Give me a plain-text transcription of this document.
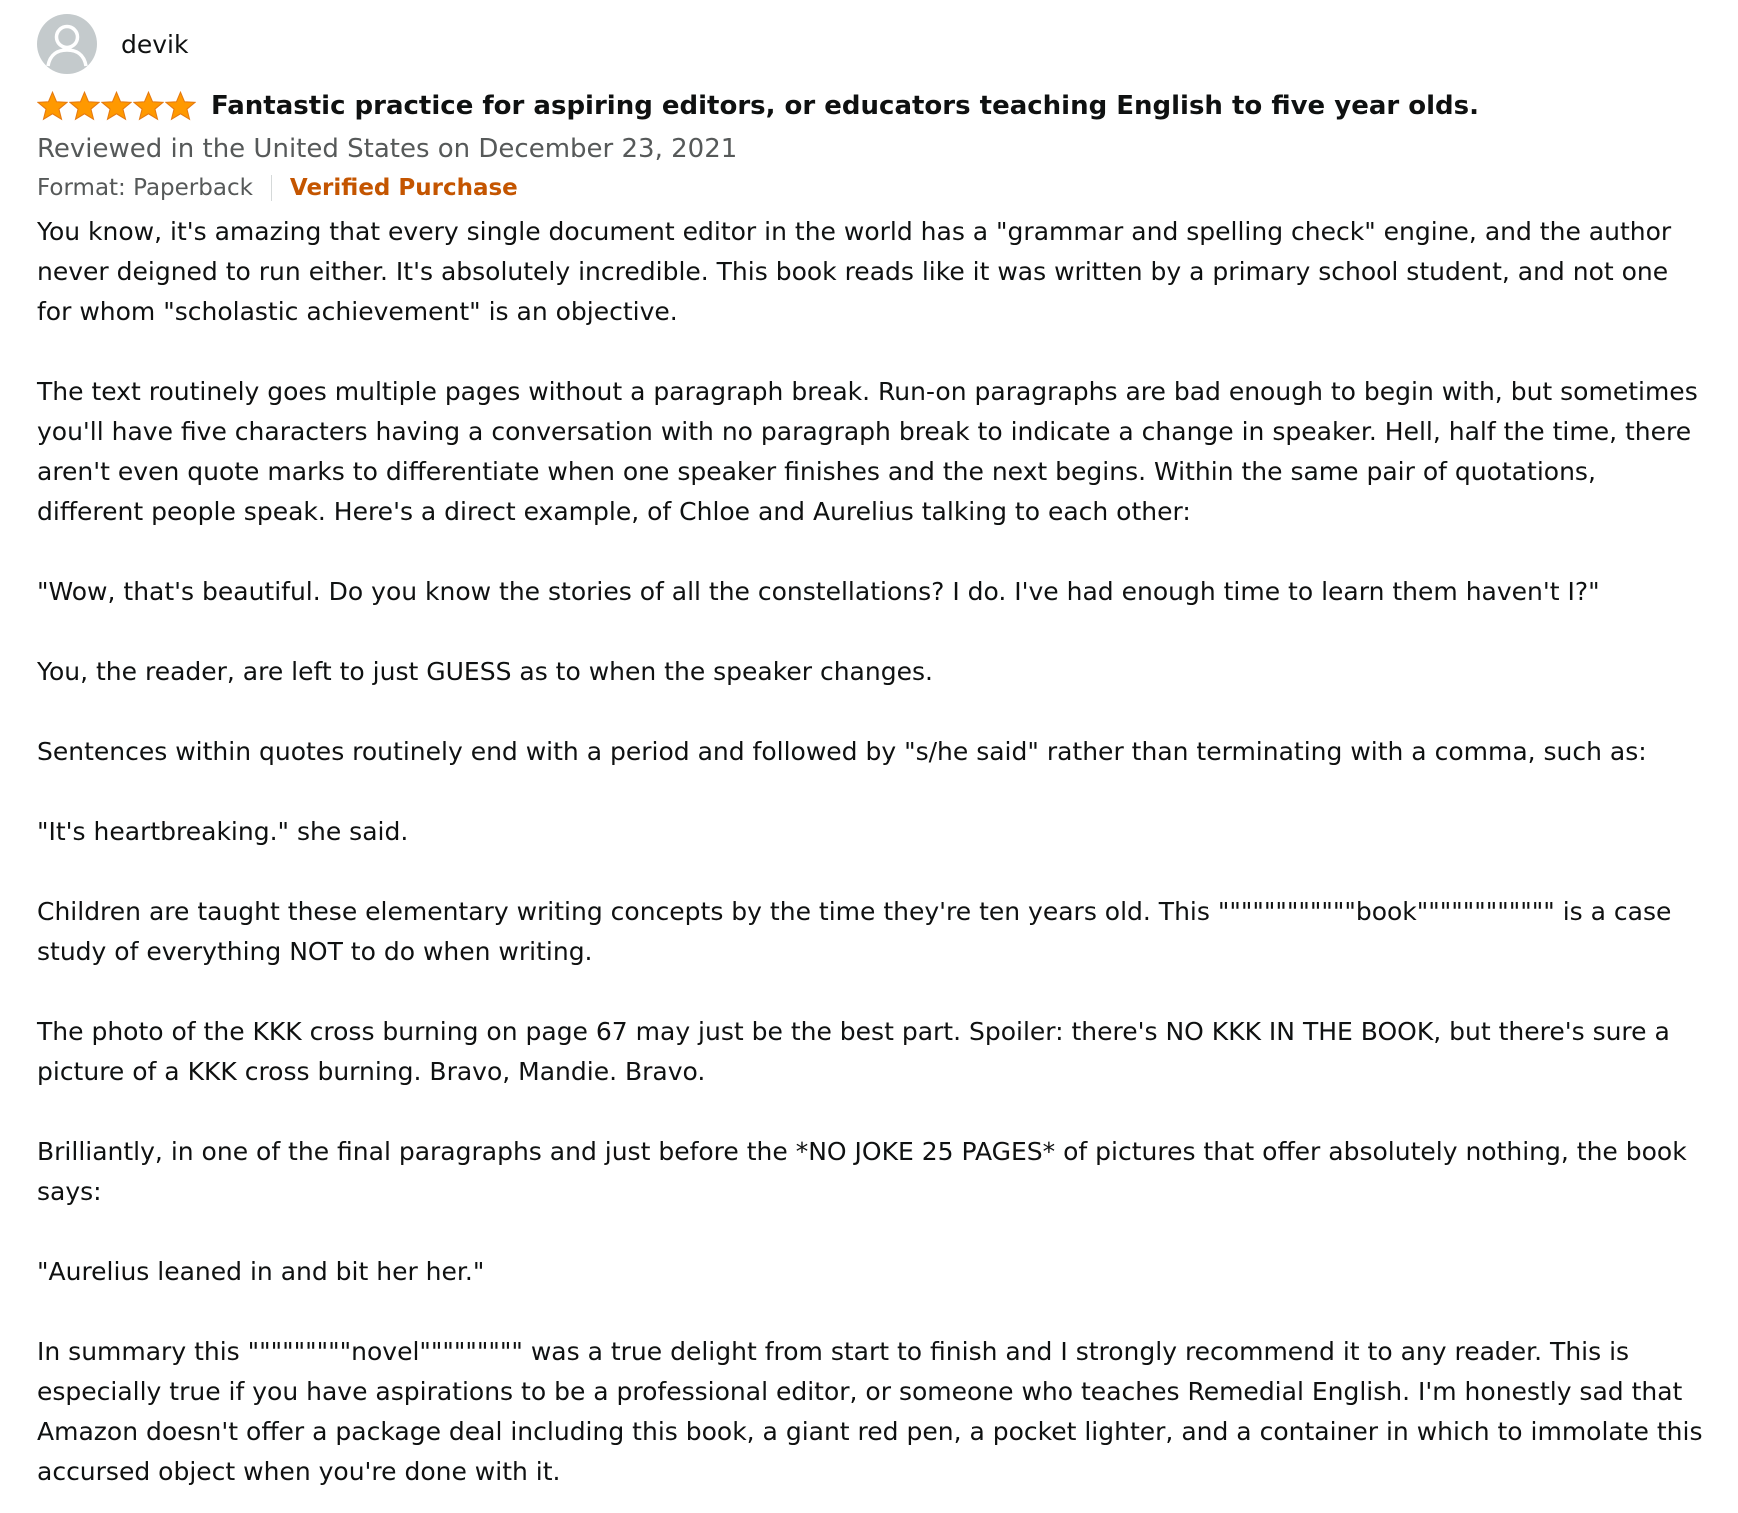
devik
Fantastic practice for aspiring editors, or educators teaching English to five year olds.
Reviewed in the United States on December 23, 2021
Format: Paperback Verified Purchase

You know, it's amazing that every single document editor in the world has a "grammar and spelling check" engine, and the author never deigned to run either. It's absolutely incredible. This book reads like it was written by a primary school student, and not one for whom "scholastic achievement" is an objective.

The text routinely goes multiple pages without a paragraph break. Run-on paragraphs are bad enough to begin with, but sometimes you'll have five characters having a conversation with no paragraph break to indicate a change in speaker. Hell, half the time, there aren't even quote marks to differentiate when one speaker finishes and the next begins. Within the same pair of quotations, different people speak. Here's a direct example, of Chloe and Aurelius talking to each other:

"Wow, that's beautiful. Do you know the stories of all the constellations? I do. I've had enough time to learn them haven't I?"

You, the reader, are left to just GUESS as to when the speaker changes.

Sentences within quotes routinely end with a period and followed by "s/he said" rather than terminating with a comma, such as:

"It's heartbreaking." she said.

Children are taught these elementary writing concepts by the time they're ten years old. This """"""""""""book"""""""""""" is a case study of everything NOT to do when writing.

The photo of the KKK cross burning on page 67 may just be the best part. Spoiler: there's NO KKK IN THE BOOK, but there's sure a picture of a KKK cross burning. Bravo, Mandie. Bravo.

Brilliantly, in one of the final paragraphs and just before the *NO JOKE 25 PAGES* of pictures that offer absolutely nothing, the book says:

"Aurelius leaned in and bit her her."

In summary this """""""""novel""""""""" was a true delight from start to finish and I strongly recommend it to any reader. This is especially true if you have aspirations to be a professional editor, or someone who teaches Remedial English. I'm honestly sad that Amazon doesn't offer a package deal including this book, a giant red pen, a pocket lighter, and a container in which to immolate this accursed object when you're done with it.
